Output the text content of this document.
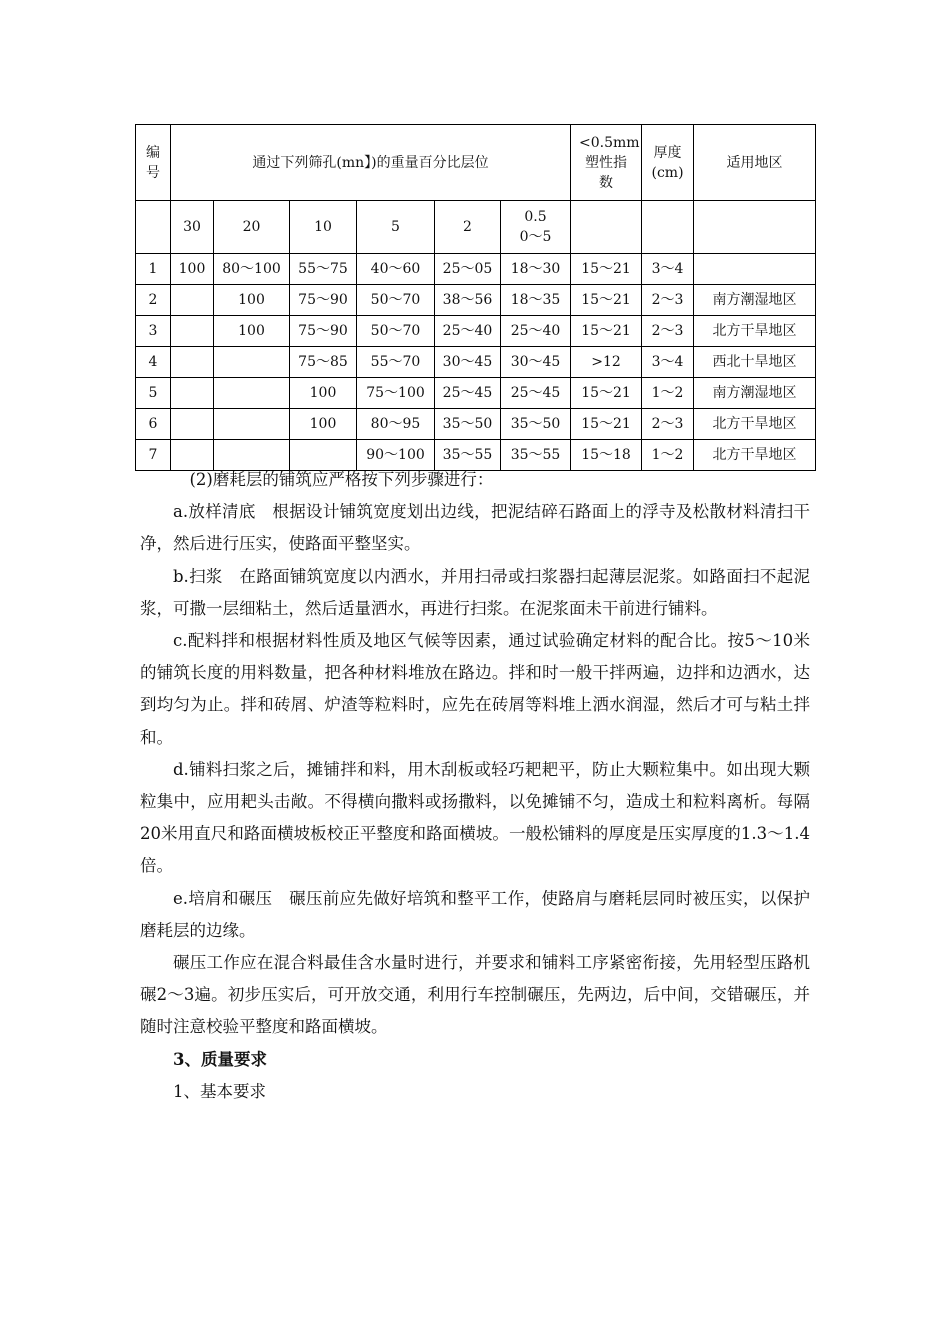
编号	通过下列筛孔(mn】)的重量百分比层位						<0.5mm塑性指数	厚度(cm)	适用地区
	30	20	10	5	2	0.5
0～5			

1	100	80～100	55～75	40～60	25～05	18～30	15～21	3～4	
2		100	75～90	50～70	38～56	18～35	15～21	2～3	南方潮湿地区
3		100	75～90	50～70	25～40	25～40	15～21	2～3	北方干旱地区
4			75～85	55～70	30～45	30～45	>12	3～4	西北十旱地区
5			100	75～100	25～45	25～45	15～21	1～2	南方潮湿地区
6			100	80～95	35～50	35～50	15～21	2～3	北方干旱地区
7				90～100	35～55	35～55	15～18	1～2	北方干旱地区

(2)磨耗层的铺筑应严格按下列步骤进行：

a.放样清底　根据设计铺筑宽度划出边线，把泥结碎石路面上的浮寺及松散材料清扫干净，然后进行压实，使路面平整坚实。

b.扫浆　在路面铺筑宽度以内洒水，并用扫帚或扫浆器扫起薄层泥浆。如路面扫不起泥浆，可撒一层细粘土，然后适量洒水，再进行扫浆。在泥浆面未干前进行铺料。

c.配料拌和根据材料性质及地区气候等因素，通过试验确定材料的配合比。按5～10米的铺筑长度的用料数量，把各种材料堆放在路边。拌和时一般干拌两遍，边拌和边洒水，达到均匀为止。拌和砖屑、炉渣等粒料时，应先在砖屑等料堆上洒水润湿，然后才可与粘土拌和。

d.铺料扫浆之后，摊铺拌和料，用木刮板或轻巧耙耙平，防止大颗粒集中。如出现大颗粒集中，应用耙头击敞。不得横向撒料或扬撒料，以免摊铺不匀，造成土和粒料离析。每隔20米用直尺和路面横坡板校正平整度和路面横坡。一般松铺料的厚度是压实厚度的1.3～1.4倍。

e.培肩和碾压　碾压前应先做好培筑和整平工作，使路肩与磨耗层同时被压实，以保护磨耗层的边缘。

碾压工作应在混合料最佳含水量时进行，并要求和铺料工序紧密衔接，先用轻型压路机碾2～3遍。初步压实后，可开放交通，利用行车控制碾压，先两边，后中间，交错碾压，并随时注意校验平整度和路面横坡。

3、质量要求

1、基本要求
